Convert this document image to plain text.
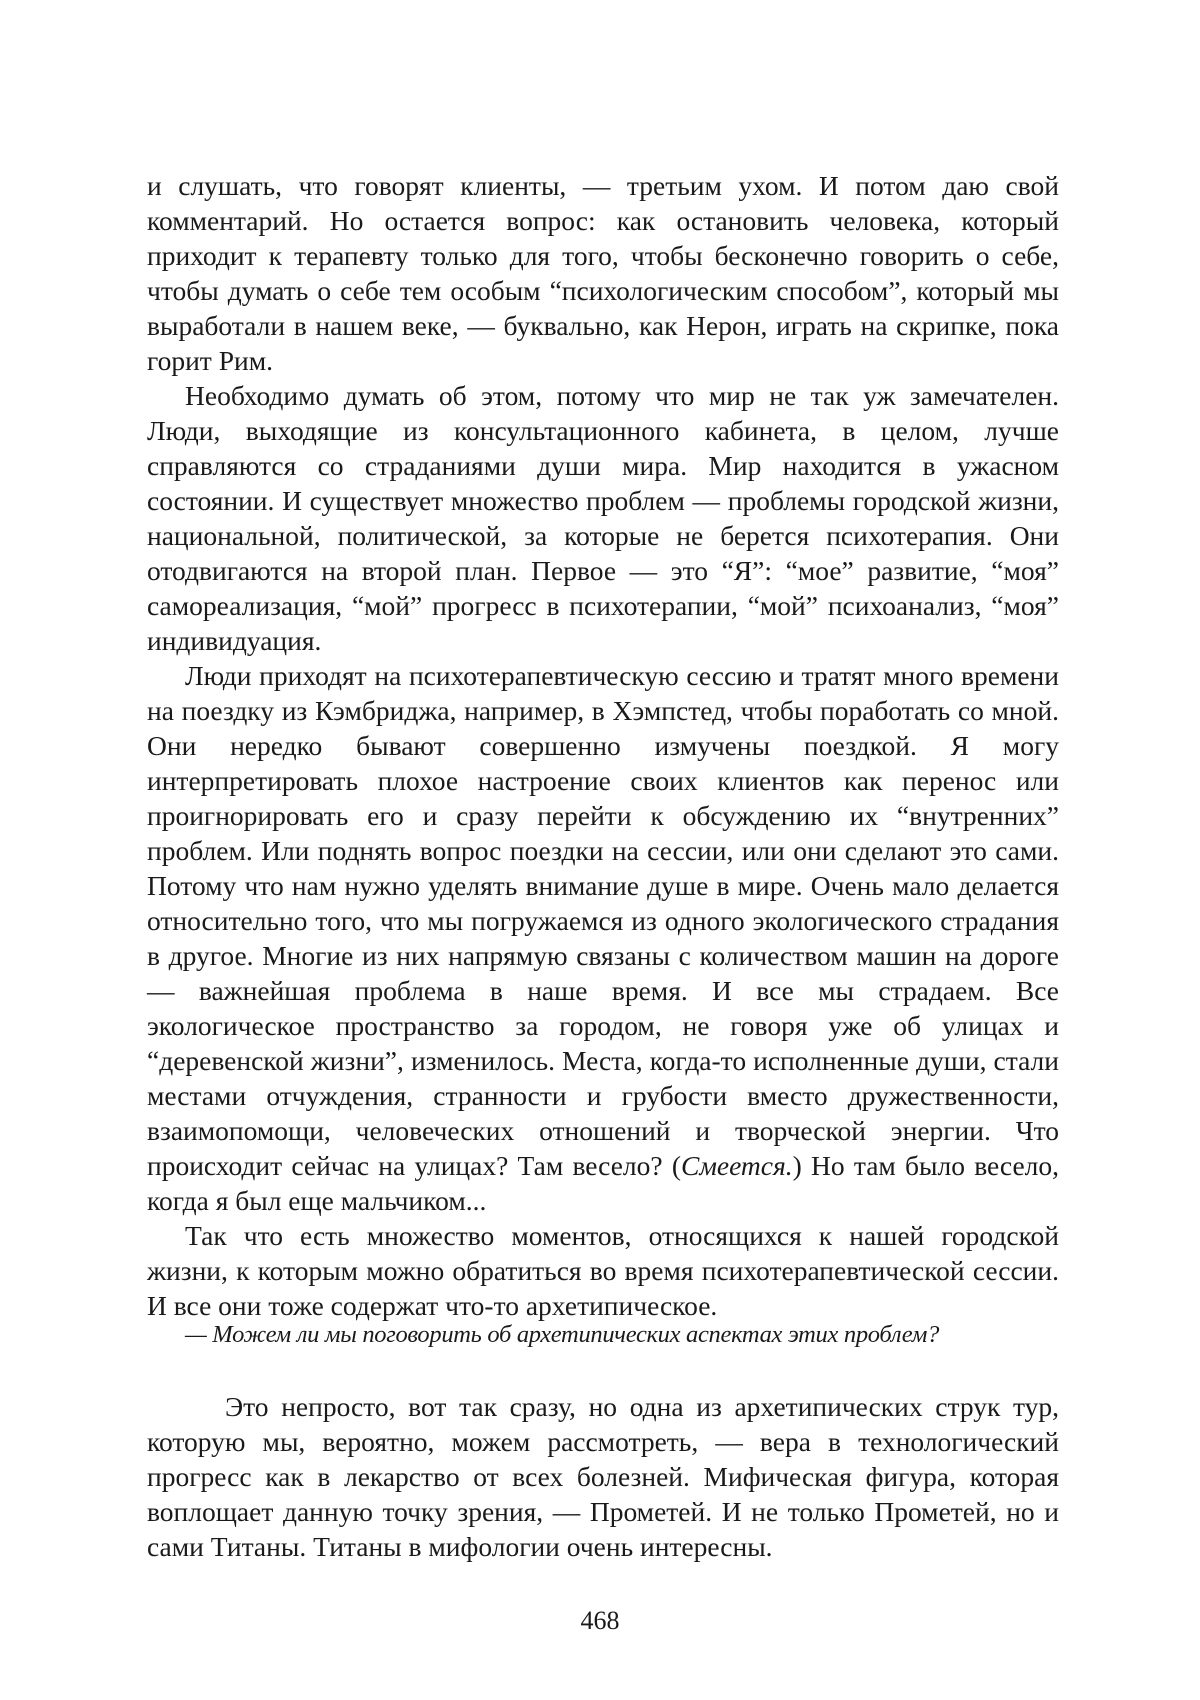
и слушать, что говорят клиенты, — третьим ухом. И потом даю свой комментарий. Но остается вопрос: как остановить человека, который приходит к терапевту только для того, чтобы бесконечно говорить о себе, чтобы думать о себе тем особым “психологическим способом”, который мы выработали в нашем веке, — буквально, как Нерон, играть на скрипке, пока горит Рим.

Необходимо думать об этом, потому что мир не так уж замечателен. Люди, выходящие из консультационного кабинета, в целом, лучше справляются со страданиями души мира. Мир находится в ужасном состоянии. И существует множество проблем — проблемы городской жизни, национальной, политической, за которые не берется психотерапия. Они отодвигаются на второй план. Первое — это “Я”: “мое” развитие, “моя” самореализация, “мой” прогресс в психотерапии, “мой” психоанализ, “моя” индивидуация.

Люди приходят на психотерапевтическую сессию и тратят много времени на поездку из Кэмбриджа, например, в Хэмпстед, чтобы поработать со мной. Они нередко бывают совершенно измучены поездкой. Я могу интерпретировать плохое настроение своих клиентов как перенос или проигнорировать его и сразу перейти к обсуждению их “внутренних” проблем. Или поднять вопрос поездки на сессии, или они сделают это сами. Потому что нам нужно уделять внимание душе в мире. Очень мало делается относительно того, что мы погружаемся из одного экологического страдания в другое. Многие из них напрямую связаны с количеством машин на дороге — важнейшая проблема в наше время. И все мы страдаем. Все экологическое пространство за городом, не говоря уже об улицах и “деревенской жизни”, изменилось. Места, когда-то исполненные души, стали местами отчуждения, странности и грубости вместо дружественности, взаимопомощи, человеческих отношений и творческой энергии. Что происходит сейчас на улицах? Там весело? (Смеется.) Но там было весело, когда я был еще мальчиком...

Так что есть множество моментов, относящихся к нашей городской жизни, к которым можно обратиться во время психотерапевтической сессии. И все они тоже содержат что-то архетипическое.

— Можем ли мы поговорить об архетипических аспектах этих проблем?

Это непросто, вот так сразу, но одна из архетипических струк тур, которую мы, вероятно, можем рассмотреть, — вера в технологический прогресс как в лекарство от всех болезней. Мифическая фигура, которая воплощает данную точку зрения, — Прометей. И не только Прометей, но и сами Титаны. Титаны в мифологии очень интересны.

468
